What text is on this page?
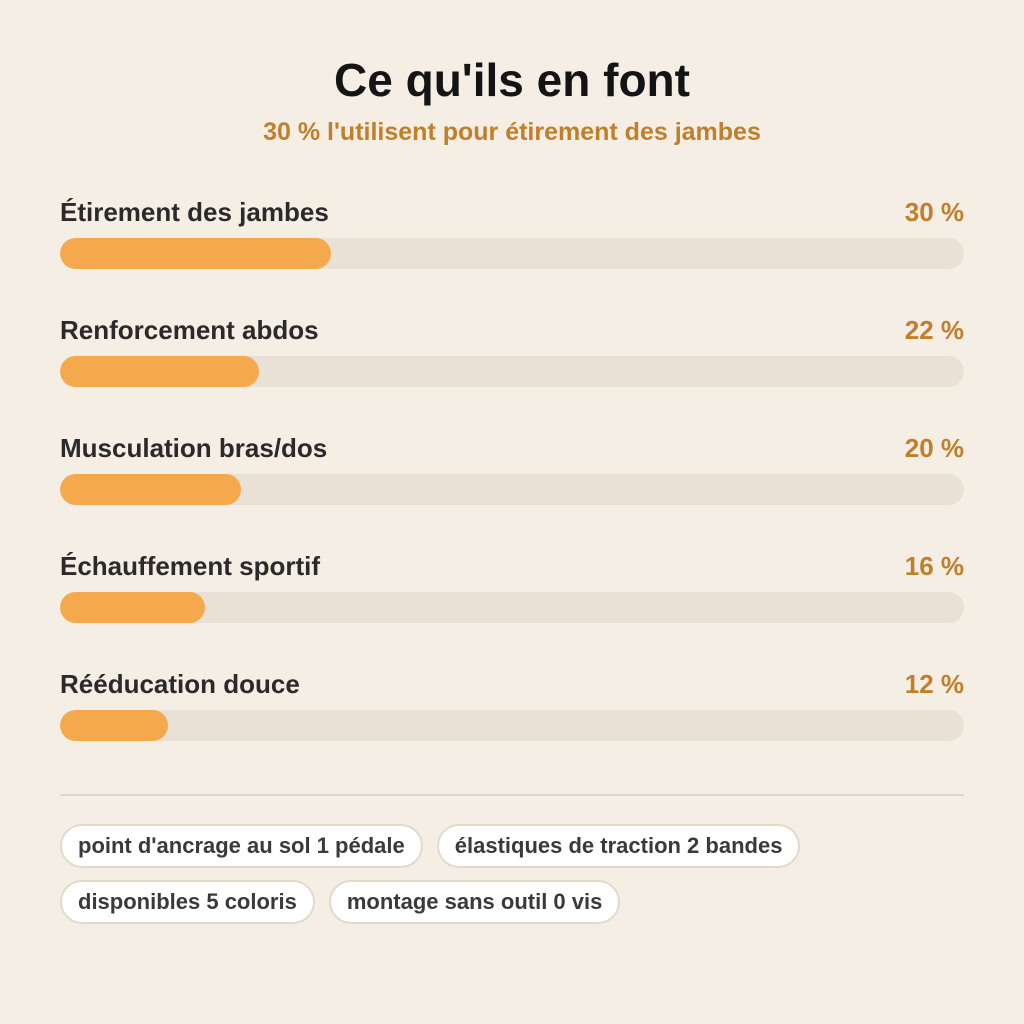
Ce qu'ils en font
30 % l'utilisent pour étirement des jambes
Étirement des jambes	30 %
Renforcement abdos	22 %
Musculation bras/dos	20 %
Échauffement sportif	16 %
Rééducation douce	12 %
point d'ancrage au sol 1 pédale	élastiques de traction 2 bandes
disponibles 5 coloris	montage sans outil 0 vis
